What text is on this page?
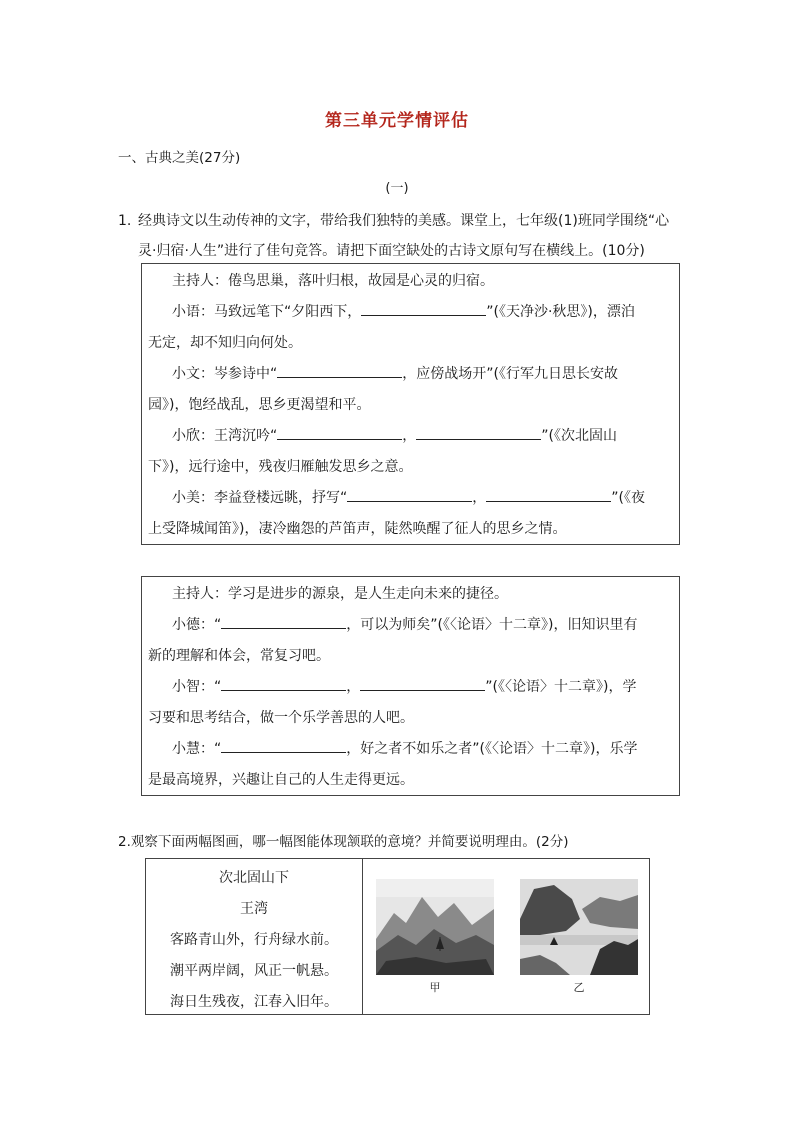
第三单元学情评估
一、古典之美(27分)
(一)
1. 经典诗文以生动传神的文字，带给我们独特的美感。课堂上，七年级(1)班同学围绕“心
灵·归宿·人生”进行了佳句竞答。请把下面空缺处的古诗文原句写在横线上。(10分)
主持人：倦鸟思巢，落叶归根，故园是心灵的归宿。
小语：马致远笔下“夕阳西下，	”(《天净沙·秋思》)，漂泊
无定，却不知归向何处。
小文：岑参诗中“	，应傍战场开”(《行军九日思长安故
园》)，饱经战乱，思乡更渴望和平。
小欣：王湾沉吟“	，	”(《次北固山
下》)，远行途中，残夜归雁触发思乡之意。
小美：李益登楼远眺，抒写“	，	”(《夜
上受降城闻笛》)，凄冷幽怨的芦笛声，陡然唤醒了征人的思乡之情。
主持人：学习是进步的源泉，是人生走向未来的捷径。
小德：“	，可以为师矣”(《〈论语〉十二章》)，旧知识里有
新的理解和体会，常复习吧。
小智：“	，	”(《〈论语〉十二章》)，学
习要和思考结合，做一个乐学善思的人吧。
小慧：“	，好之者不如乐之者”(《〈论语〉十二章》)，乐学
是最高境界，兴趣让自己的人生走得更远。
2.观察下面两幅图画，哪一幅图能体现颔联的意境？并简要说明理由。(2分)
次北固山下
王湾
客路青山外，行舟绿水前。
潮平两岸阔，风正一帆悬。
海日生残夜，江春入旧年。
甲	乙
